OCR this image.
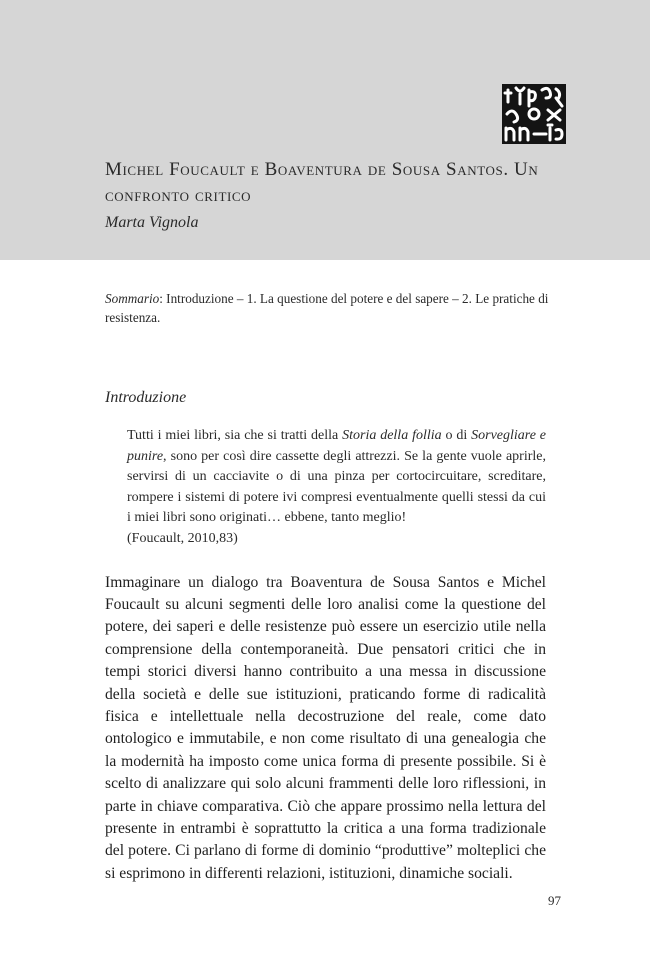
Michel Foucault e Boaventura de Sousa Santos. Un confronto critico
Marta Vignola
Sommario: Introduzione – 1. La questione del potere e del sapere – 2. Le pratiche di resistenza.
Introduzione
Tutti i miei libri, sia che si tratti della Storia della follia o di Sorvegliare e punire, sono per così dire cassette degli attrezzi. Se la gente vuole aprirle, servirsi di un cacciavite o di una pinza per cortocircuitare, screditare, rompere i sistemi di potere ivi compresi eventualmente quelli stessi da cui i miei libri sono originati… ebbene, tanto meglio!
(Foucault, 2010,83)

Immaginare un dialogo tra Boaventura de Sousa Santos e Michel Foucault su alcuni segmenti delle loro analisi come la questione del potere, dei saperi e delle resistenze può essere un esercizio utile nella comprensione della contemporaneità. Due pensatori critici che in tempi storici diversi hanno contribuito a una messa in discussione della società e delle sue istituzioni, praticando forme di radicalità fisica e intellettuale nella decostruzione del reale, come dato ontologico e immutabile, e non come risultato di una genealogia che la modernità ha imposto come unica forma di presente possibile. Si è scelto di analizzare qui solo alcuni frammenti delle loro riflessioni, in parte in chiave comparativa. Ciò che appare prossimo nella lettura del presente in entrambi è soprattutto la critica a una forma tradizionale del potere. Ci parlano di forme di dominio “produttive” molteplici che si esprimono in differenti relazioni, istituzioni, dinamiche sociali.

97
